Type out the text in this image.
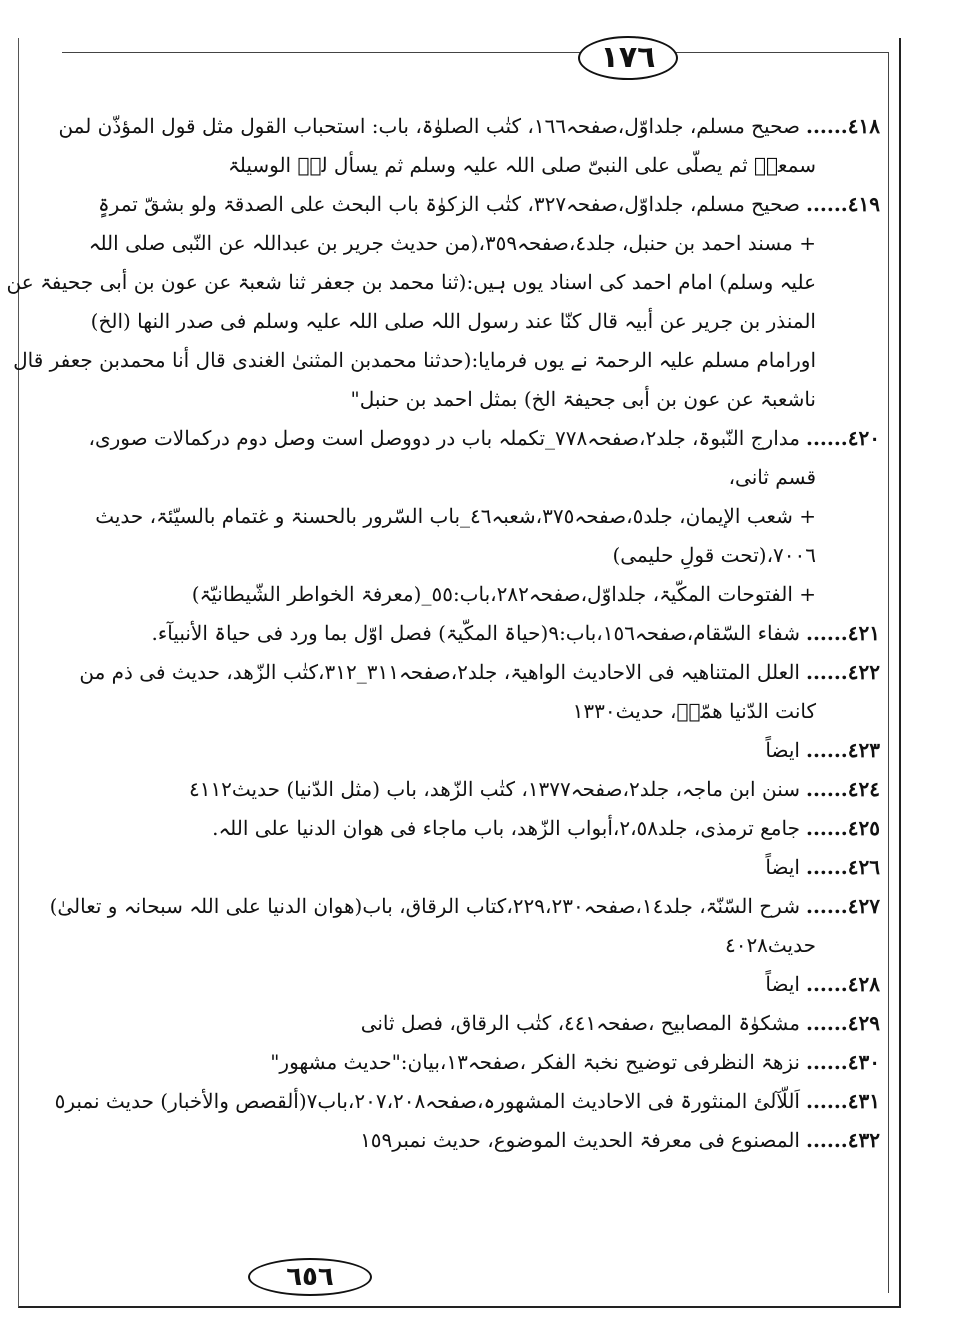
١٧٦
٤١٨......صحیح مسلم، جلداوّل،صفحہ١٦٦، کتٰب الصلوٰۃ، باب: استحباب القول مثل قول المؤذّن لمن
سمعہٗ ثم یصلّی علی النبیّ صلی اللہ علیہ وسلم ثم یسأل لہٗ الوسیلۃ
٤١٩......صحیح مسلم، جلداوّل،صفحہ٣٢٧، کتٰب الزکوٰۃ باب البحث علی الصدقۃ ولو بشقّ تمرۃٍ
+ مسند احمد بن حنبل، جلد٤،صفحہ٣٥٩،(من حدیث جریر بن عبداللہ عن النّبی صلی اللہ
علیہ وسلم) امام احمد کی اسناد یوں ہیں:(ثنا محمد بن جعفر ثنا شعبۃ عن عون بن أبی جحیفۃ عن
المنذر بن جریر عن أبیہ قال کنّا عند رسول اللہ صلی اللہ علیہ وسلم فی صدر النھا (الخ)
اورامام مسلم علیہ الرحمۃ نے یوں فرمایا:(حدثنا محمدبن المثنیٰ الغندی قال أنا محمدبن جعفر قال
ناشعبۃ عن عون بن أبی جحیفۃ الخ) بمثل احمد بن حنبل"
٤٢٠......مدارج النّبوۃ، جلد٢،صفحہ٧٧٨_تکملہ باب در دووصل است وصل دوم درکمالات صوری،
قسم ثانی،
+ شعب الإیمان، جلد٥،صفحہ٣٧٥،شعبہ٤٦_باب السّرور بالحسنۃ و غتمام بالسیّئۃ، حدیث
٧٠٠٦،(تحت قولِ حلیمی)
+ الفتوحات المکّیۃ، جلداوّل،صفحہ٢٨٢،باب:٥٥_(معرفۃ الخواطر الشّیطانیّۃ)
٤٢١......شفاء السّقام،صفحہ١٥٦،باب:٩(حیاۃ المکّیۃ) فصل اوّل بما ورد فی حیاۃ الأنبیآء.
٤٢٢......العلل المتناھیہ فی الاحادیث الواھیۃ، جلد٢،صفحہ٣١١_٣١٢،کتٰب الزّھد، حدیث فی ذم من
کانت الدّنیا ھمّہٗ، حدیث١٣٣٠
٤٢٣......ایضاً
٤٢٤......سنن ابن ماجہ، جلد٢،صفحہ١٣٧٧، کتٰب الزّھد، باب (مثل الدّنیا) حدیث٤١١٢
٤٢٥......جامع ترمذی، جلد٢،٥٨،أبواب الزّھد، باب ماجاء فی ھوان الدنیا علی اللہ.
٤٢٦......ایضاً
٤٢٧......شرح السّنّۃ، جلد١٤،صفحہ٢٢٩،٢٣٠،کتاب الرقاق، باب(ھوان الدنیا علی اللہ سبحانہ و تعالیٰ)
حدیث٤٠٢٨
٤٢٨......ایضاً
٤٢٩......مشکوٰۃ المصابیح ،صفحہ٤٤١، کتٰب الرقاق، فصل ثانی
٤٣٠......نزھۃ النظرفی توضیح نخبۃ الفکر ،صفحہ١٣،بیان:"حدیث مشھور"
٤٣١......اَللّآلئ المنثورۃ فی الاحادیث المشھورہ،صفحہ٢٠٧،٢٠٨،باب٧(ألقصص والأخبار) حدیث نمبر٥
٤٣٢......المصنوع فی معرفۃ الحدیث الموضوع، حدیث نمبر١٥٩
٦٥٦
